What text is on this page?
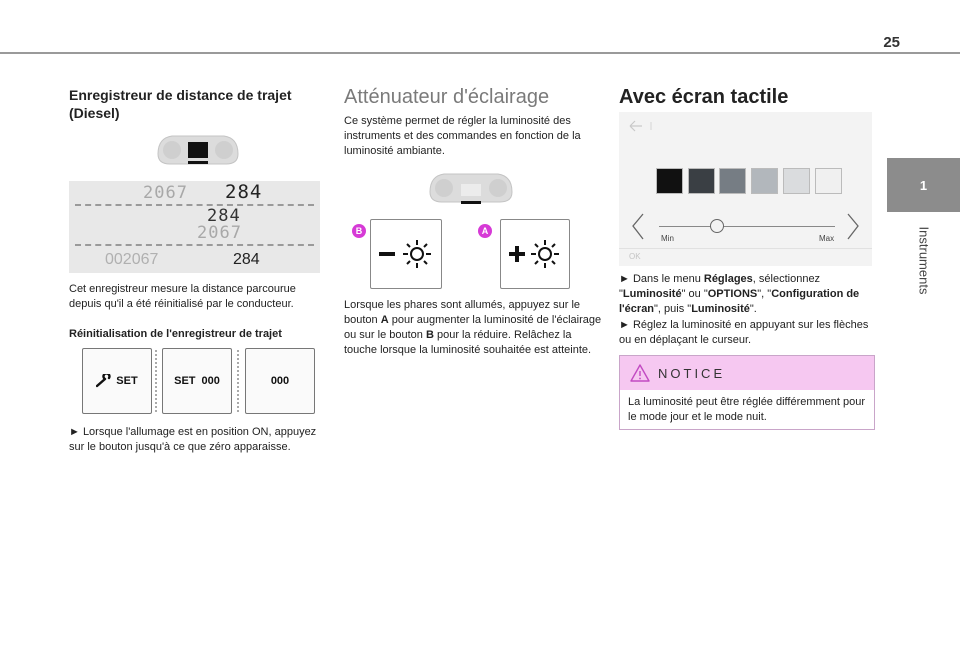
25
1
Instruments
Enregistreur de distance de trajet (Diesel)
2067 284
284
2067
002067	284
Cet enregistreur mesure la distance parcourue depuis qu'il a été réinitialisé par le conducteur.
Réinitialisation de l'enregistreur de trajet
SET	SET 000	000
► Lorsque l'allumage est en position ON, appuyez sur le bouton jusqu'à ce que zéro apparaisse.
Atténuateur d'éclairage
Ce système permet de régler la luminosité des instruments et des commandes en fonction de la luminosité ambiante.
B	A
Lorsque les phares sont allumés, appuyez sur le bouton A pour augmenter la luminosité de l'éclairage ou sur le bouton B pour la réduire. Relâchez la touche lorsque la luminosité souhaitée est atteinte.
Avec écran tactile
Min	Max
OK
► Dans le menu Réglages, sélectionnez "Luminosité" ou "OPTIONS", "Configuration de l'écran", puis "Luminosité".
► Réglez la luminosité en appuyant sur les flèches ou en déplaçant le curseur.
NOTICE
La luminosité peut être réglée différemment pour le mode jour et le mode nuit.
